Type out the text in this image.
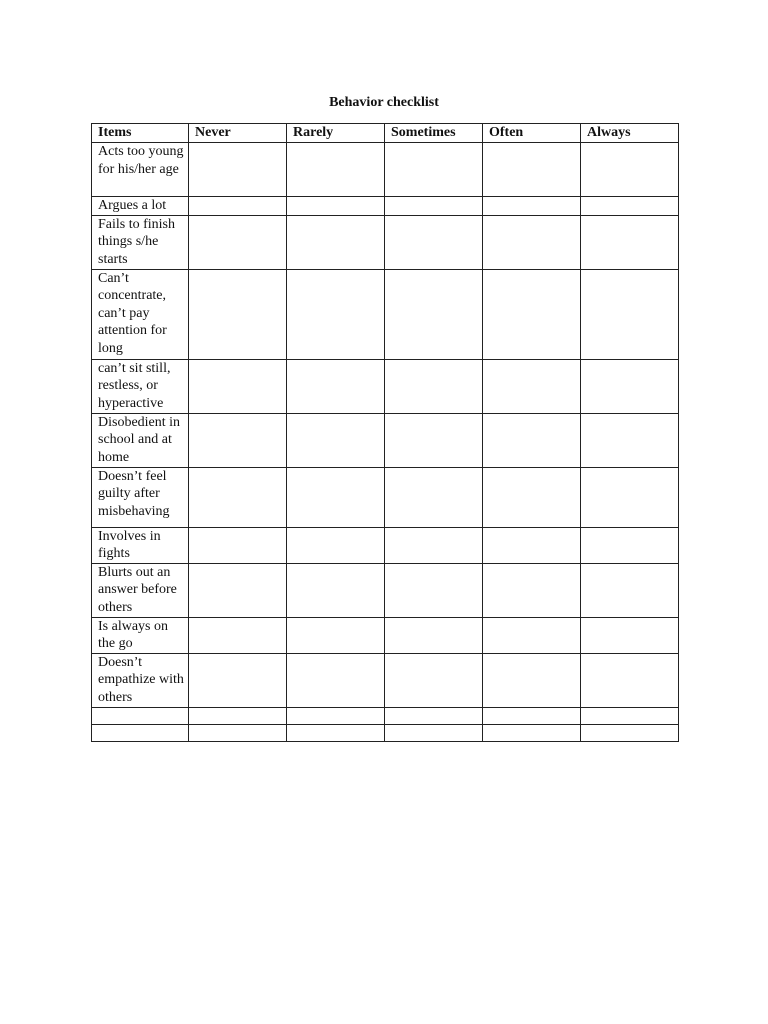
Behavior checklist
Items	Never	Rarely	Sometimes	Often	Always
Acts too young for his/her age					
Argues a lot					
Fails to finish things s/he starts					
Can’t concentrate, can’t pay attention for long					
can’t sit still, restless, or hyperactive					
Disobedient in school and at home					
Doesn’t feel guilty after misbehaving					
Involves in fights					
Blurts out an answer before others					
Is always on the go					
Doesn’t empathize with others					
